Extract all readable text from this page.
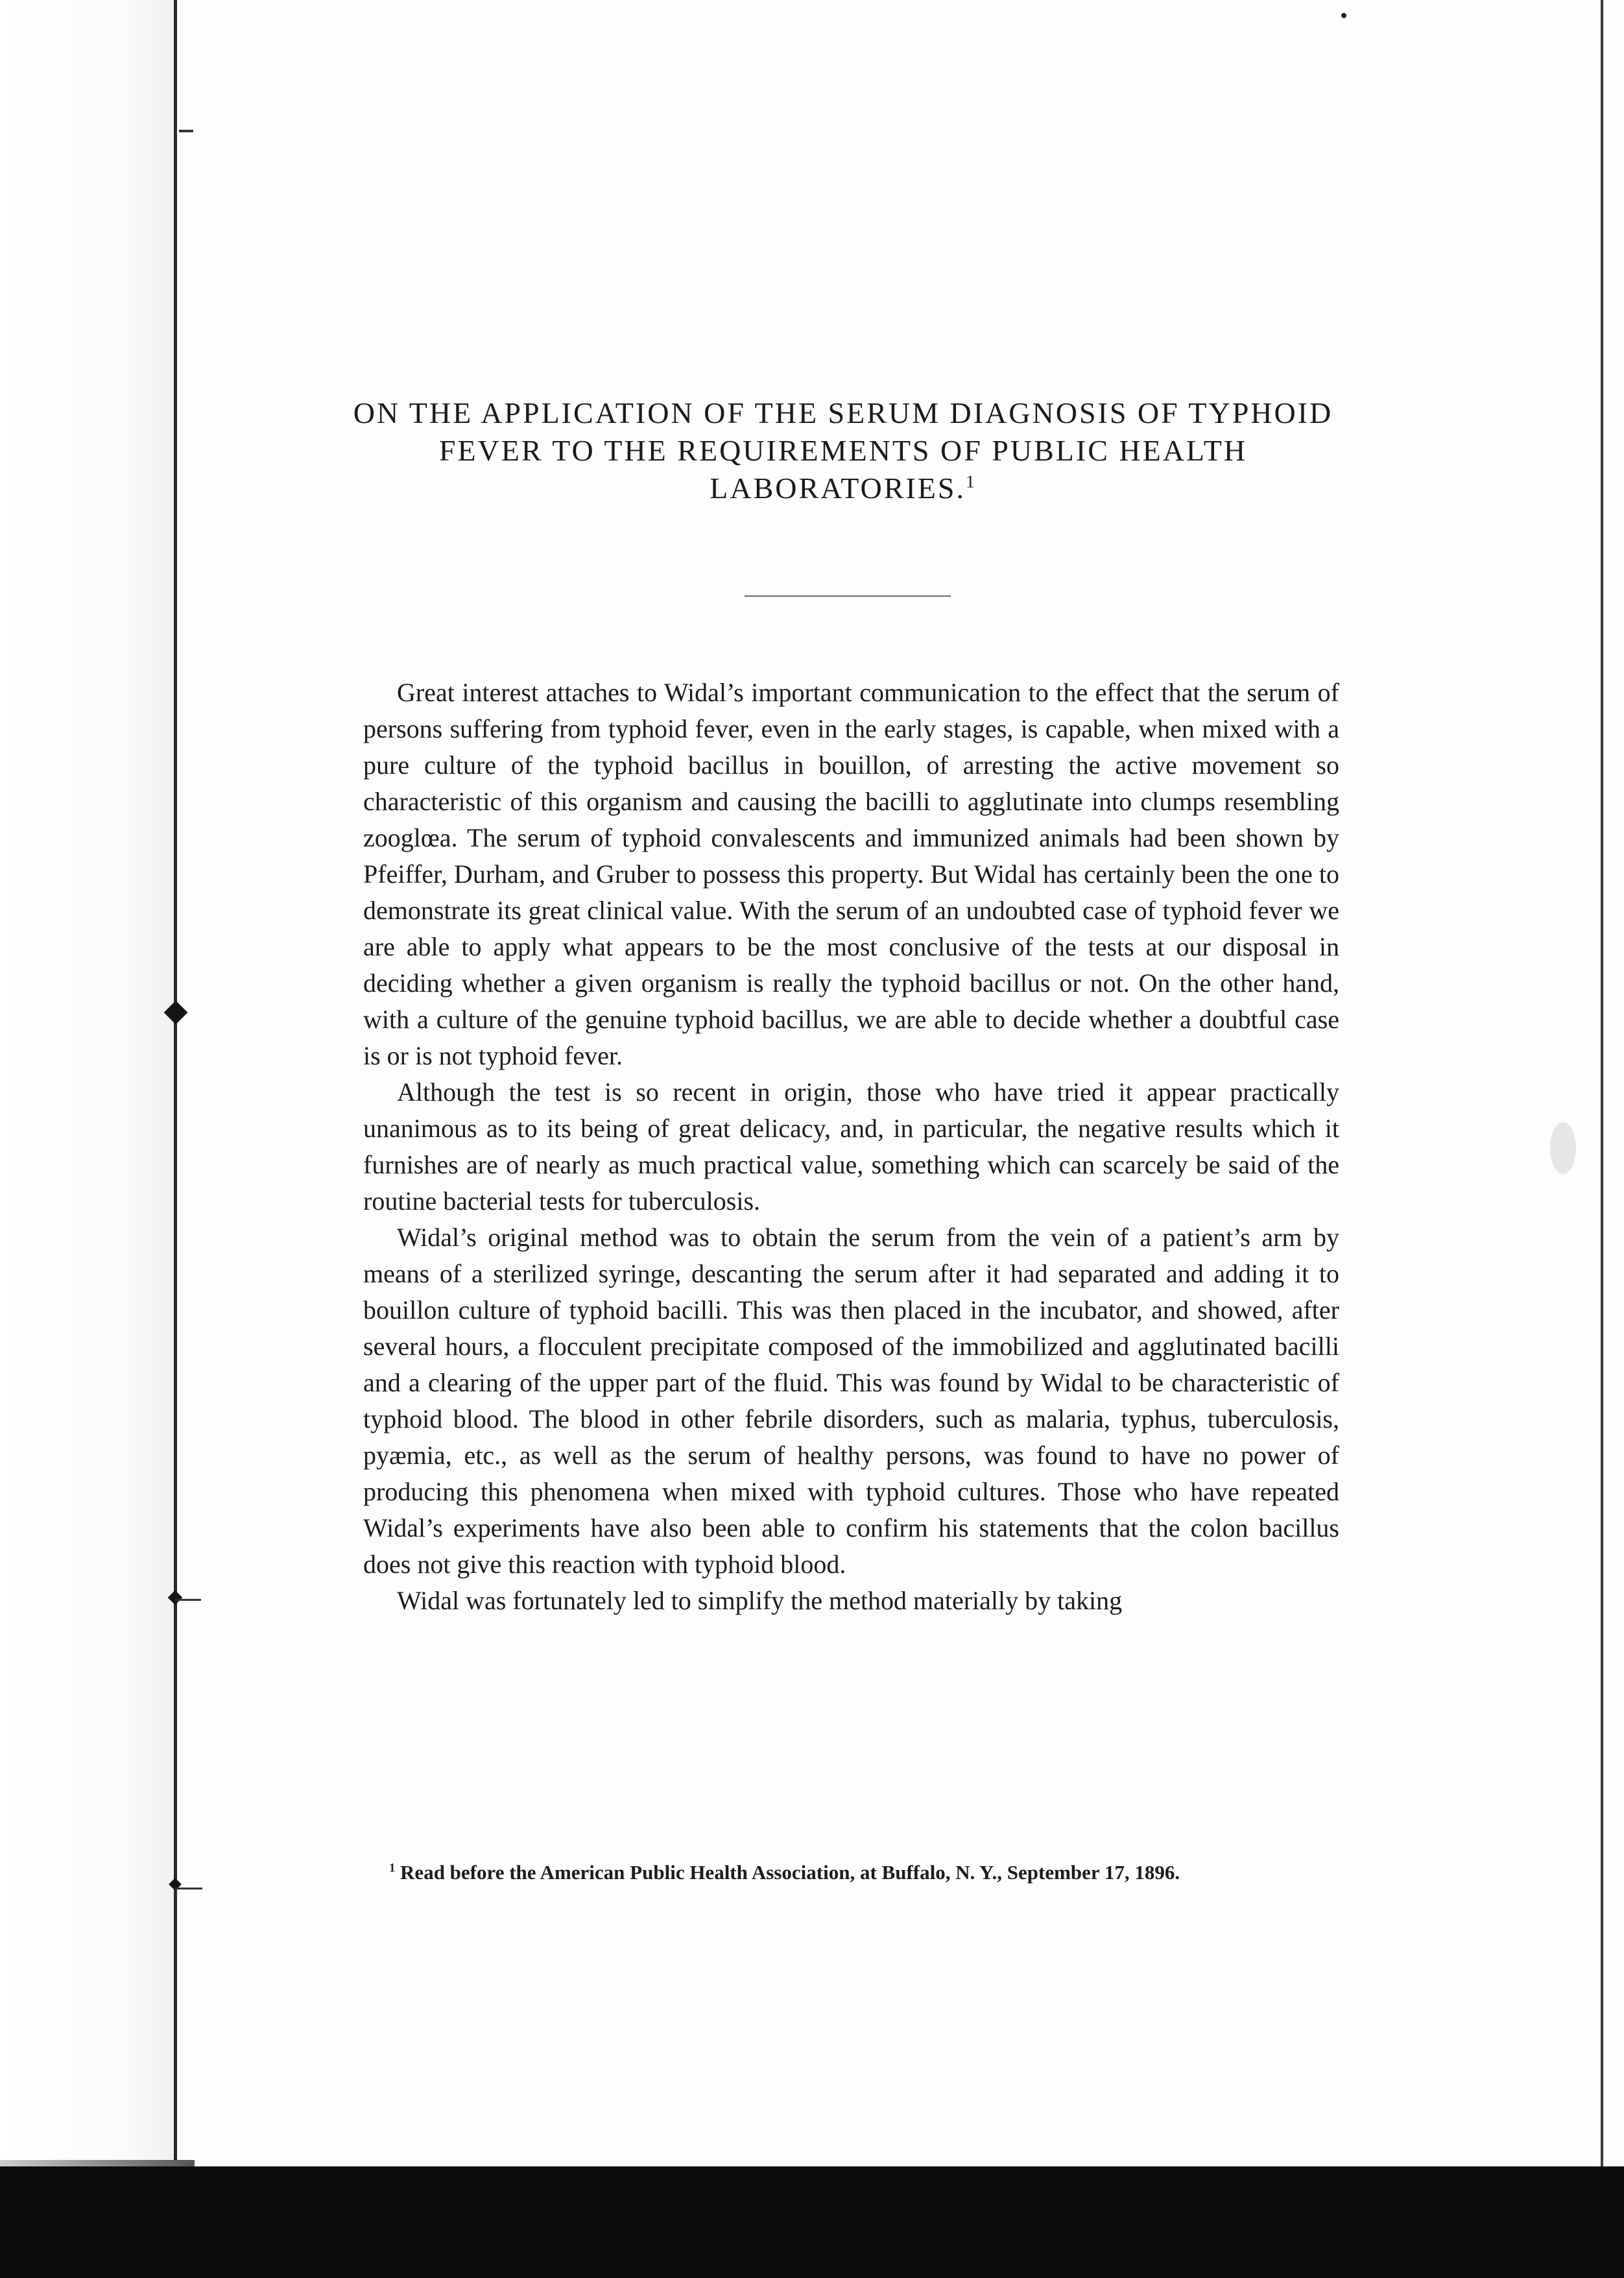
ON THE APPLICATION OF THE SERUM DIAGNOSIS OF TYPHOID FEVER TO THE REQUIREMENTS OF PUBLIC HEALTH LABORATORIES.$^1$

Great interest attaches to Widal’s important communication to the effect that the serum of persons suffering from typhoid fever, even in the early stages, is capable, when mixed with a pure culture of the typhoid bacillus in bouillon, of arresting the active movement so characteristic of this organism and causing the bacilli to agglutinate into clumps resembling zooglœa. The serum of typhoid convalescents and immunized animals had been shown by Pfeiffer, Durham, and Gruber to possess this property. But Widal has certainly been the one to demonstrate its great clinical value. With the serum of an undoubted case of typhoid fever we are able to apply what appears to be the most conclusive of the tests at our disposal in deciding whether a given organism is really the typhoid bacillus or not. On the other hand, with a culture of the genuine typhoid bacillus, we are able to decide whether a doubtful case is or is not typhoid fever.

Although the test is so recent in origin, those who have tried it appear practically unanimous as to its being of great delicacy, and, in particular, the negative results which it furnishes are of nearly as much practical value, something which can scarcely be said of the routine bacterial tests for tuberculosis.

Widal’s original method was to obtain the serum from the vein of a patient’s arm by means of a sterilized syringe, descanting the serum after it had separated and adding it to bouillon culture of typhoid bacilli. This was then placed in the incubator, and showed, after several hours, a flocculent precipitate composed of the immobilized and agglutinated bacilli and a clearing of the upper part of the fluid. This was found by Widal to be characteristic of typhoid blood. The blood in other febrile disorders, such as malaria, typhus, tuberculosis, pyæmia, etc., as well as the serum of healthy persons, was found to have no power of producing this phenomena when mixed with typhoid cultures. Those who have repeated Widal’s experiments have also been able to confirm his statements that the colon bacillus does not give this reaction with typhoid blood.

Widal was fortunately led to simplify the method materially by taking

$^1$ Read before the American Public Health Association, at Buffalo, N. Y., September 17, 1896.
